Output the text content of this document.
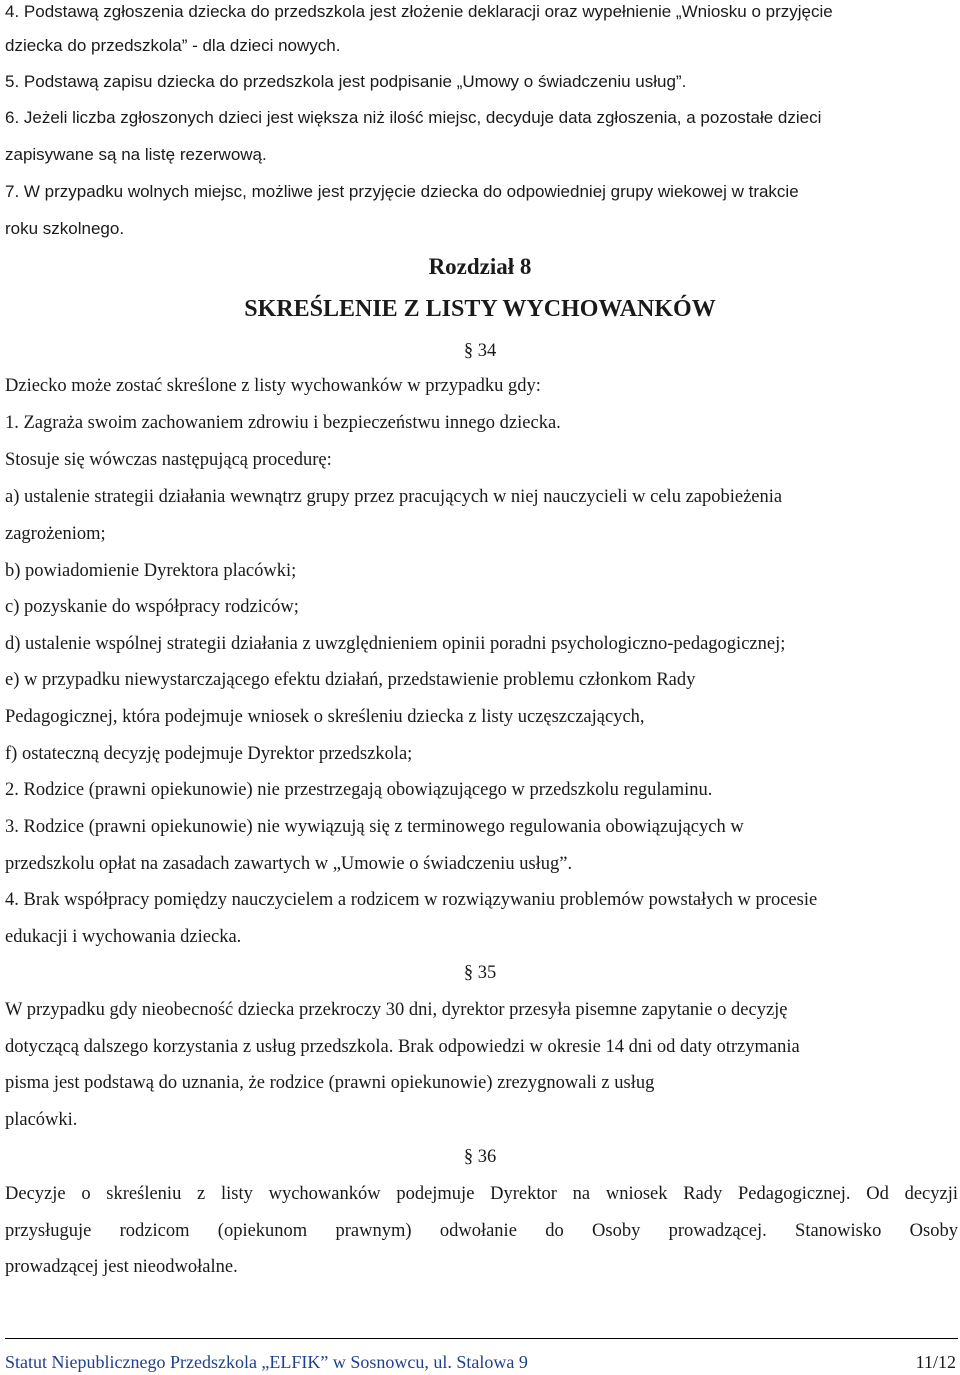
4. Podstawą zgłoszenia dziecka do przedszkola jest złożenie deklaracji oraz wypełnienie „Wniosku o przyjęcie
dziecka do przedszkola” - dla dzieci nowych.
5. Podstawą zapisu dziecka do przedszkola jest podpisanie „Umowy o świadczeniu usług”.
6. Jeżeli liczba zgłoszonych dzieci jest większa niż ilość miejsc, decyduje data zgłoszenia, a pozostałe dzieci
zapisywane są na listę rezerwową.
7. W przypadku wolnych miejsc, możliwe jest przyjęcie dziecka do odpowiedniej grupy wiekowej w trakcie
roku szkolnego.
Rozdział 8
SKREŚLENIE Z LISTY WYCHOWANKÓW
§ 34
Dziecko może zostać skreślone z listy wychowanków w przypadku gdy:
1. Zagraża swoim zachowaniem zdrowiu i bezpieczeństwu innego dziecka.
Stosuje się wówczas następującą procedurę:
a) ustalenie strategii działania wewnątrz grupy przez pracujących w niej nauczycieli w celu zapobieżenia
zagrożeniom;
b) powiadomienie Dyrektora placówki;
c) pozyskanie do współpracy rodziców;
d) ustalenie wspólnej strategii działania z uwzględnieniem opinii poradni psychologiczno-pedagogicznej;
e) w przypadku niewystarczającego efektu działań, przedstawienie problemu członkom Rady
Pedagogicznej, która podejmuje wniosek o skreśleniu dziecka z listy uczęszczających,
f) ostateczną decyzję podejmuje Dyrektor przedszkola;
2. Rodzice (prawni opiekunowie) nie przestrzegają obowiązującego w przedszkolu regulaminu.
3. Rodzice (prawni opiekunowie) nie wywiązują się z terminowego regulowania obowiązujących w
przedszkolu opłat na zasadach zawartych w „Umowie o świadczeniu usług”.
4. Brak współpracy pomiędzy nauczycielem a rodzicem w rozwiązywaniu problemów powstałych w procesie
edukacji i wychowania dziecka.
§ 35
W przypadku gdy nieobecność dziecka przekroczy 30 dni, dyrektor przesyła pisemne zapytanie o decyzję
dotyczącą dalszego korzystania z usług przedszkola. Brak odpowiedzi w okresie 14 dni od daty otrzymania
pisma jest podstawą do uznania, że rodzice (prawni opiekunowie) zrezygnowali z usług
placówki.
§ 36
Decyzje o skreśleniu z listy wychowanków podejmuje Dyrektor na wniosek Rady Pedagogicznej. Od decyzji
przysługuje rodzicom (opiekunom prawnym) odwołanie do Osoby prowadzącej. Stanowisko Osoby
prowadzącej jest nieodwołalne.
Statut Niepublicznego Przedszkola „ELFIK” w Sosnowcu, ul. Stalowa 9	11/12
